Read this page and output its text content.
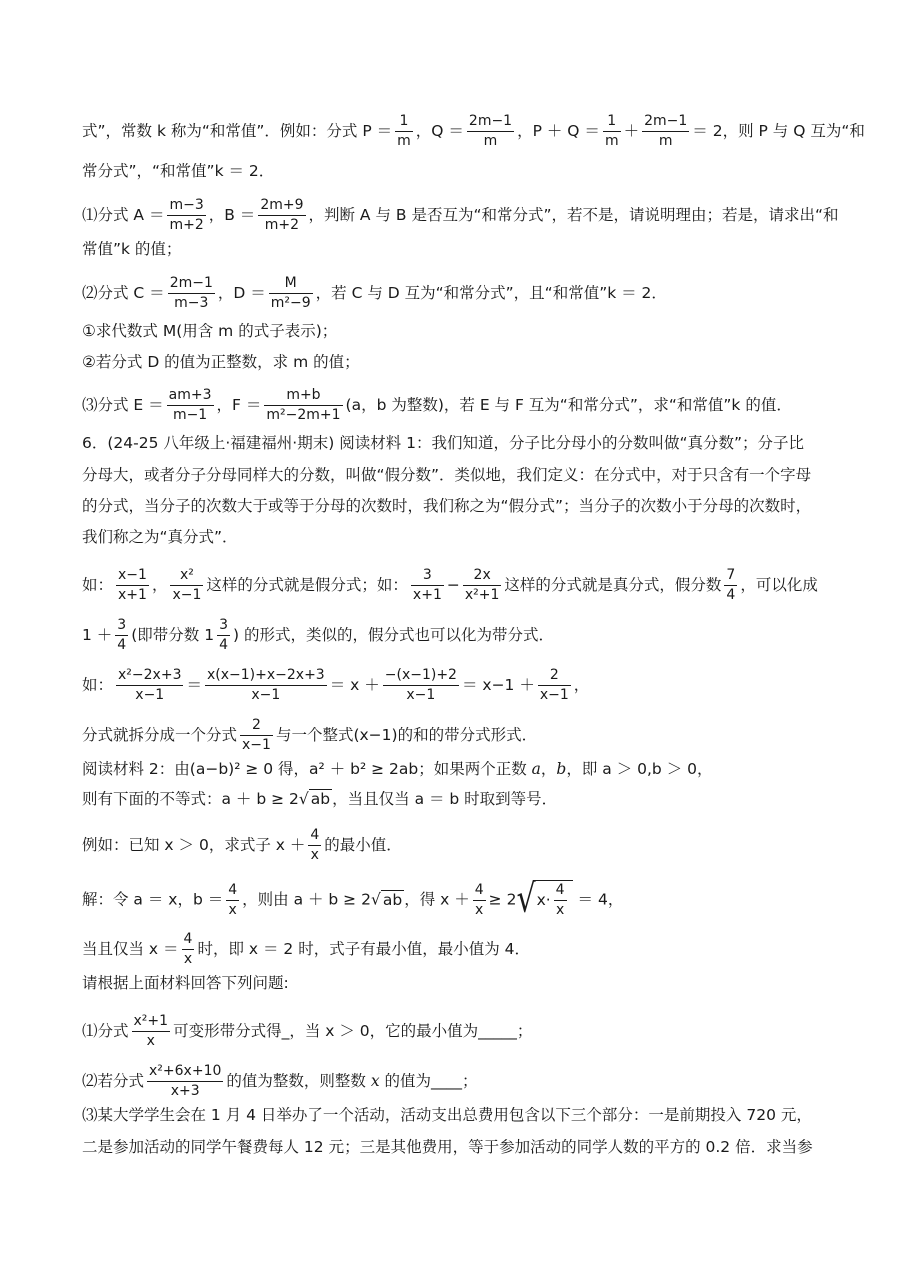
式”，常数 k 称为“和常值”．例如：分式 $P = \frac{1}{m}$ ，$Q = \frac{2m-1}{m}$ ，$P + Q = \frac{1}{m} + \frac{2m-1}{m} = 2$，则 P 与 Q 互为“和
常分式”，“和常值”k ＝ 2．
⑴分式 $A = \frac{m-3}{m+2}$ ，$B = \frac{2m+9}{m+2}$ ，判断 A 与 B 是否互为“和常分式”，若不是，请说明理由；若是，请求出“和
常值”k 的值；
⑵分式 $C = \frac{2m-1}{m-3}$ ，$D = \frac{M}{\text{m²−9}}$ ，若 C 与 D 互为“和常分式”，且“和常值”k ＝ 2．
①求代数式 M(用含 m 的式子表示)；
②若分式 D 的值为正整数，求 m 的值；
⑶分式 $E = \frac{am+3}{m-1}$ ，$F = \frac{m+b}{\text{m²−2m+1}} (a$，b 为整数)，若 E 与 F 互为“和常分式”，求“和常值”k 的值．
6．(24-25 八年级上·福建福州·期末) 阅读材料 1：我们知道，分子比分母小的分数叫做“真分数”；分子比
分母大，或者分子分母同样大的分数，叫做“假分数”．类似地，我们定义：在分式中，对于只含有一个字母
的分式，当分子的次数大于或等于分母的次数时，我们称之为“假分式”；当分子的次数小于分母的次数时，
我们称之为“真分式”．
如： $\frac{x-1}{x+1}$ ， $\frac{\text{x²}}{x-1}$ 这样的分式就是假分式；如： $\frac{3}{x+1} - \frac{2x}{\text{x²+1}}$ 这样的分式就是真分式，假分数 $\frac{7}{4}$ ，可以化成
$1 + \frac{3}{4}$ (即带分数 $1 \frac{3}{4}$ ) 的形式，类似的，假分式也可以化为带分式．
如： $\frac{\text{x²−2x+3}}{x-1} = \frac{x(x-1)+x-2x+3}{x-1} = x + \frac{-(x-1)+2}{x-1} = x-1 + \frac{2}{x-1}$ ，
分式就拆分成一个分式 $\frac{2}{x-1}$ 与一个整式(x−1)的和的带分式形式．
阅读材料 2：由(a−b)² ≥ 0 得，a² ＋ b² ≥ 2ab；如果两个正数 a，b，即 a ＞ 0,b ＞ 0，
则有下面的不等式：a ＋ b ≥ 2√ ab ，当且仅当 a ＝ b 时取到等号．
例如：已知 x ＞ 0，求式子 $x + \frac{4}{x}$ 的最小值．
解：令 a ＝ x，$b = \frac{4}{x}$ ，则由 a ＋ b ≥ 2√ ab ，得 $x + \frac{4}{x} \ge 2√x\cdot \frac{4}{x} = 4$，
当且仅当 $x = \frac{4}{x}$ 时，即 x ＝ 2 时，式子有最小值，最小值为 4．
请根据上面材料回答下列问题:
⑴分式 $\frac{\text{x²+1}}{x}$ 可变形带分式得_，当 x ＞ 0，它的最小值为_____；
⑵若分式 $\frac{\text{x²+6x+10}}{x+3}$ 的值为整数，则整数 x 的值为____；
⑶某大学学生会在 1 月 4 日举办了一个活动，活动支出总费用包含以下三个部分：一是前期投入 720 元，
二是参加活动的同学午餐费每人 12 元；三是其他费用，等于参加活动的同学人数的平方的 0.2 倍．求当参
